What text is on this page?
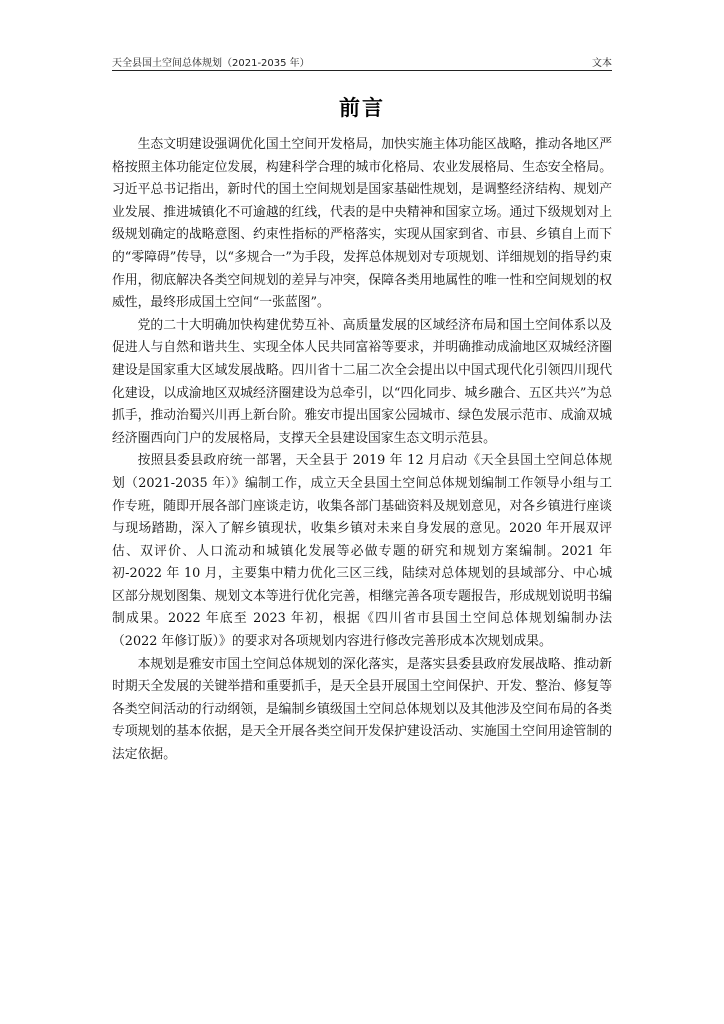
天全县国土空间总体规划（2021-2035 年）	文本
前言

生态文明建设强调优化国土空间开发格局，加快实施主体功能区战略，推动各地区严格按照主体功能定位发展，构建科学合理的城市化格局、农业发展格局、生态安全格局。习近平总书记指出，新时代的国土空间规划是国家基础性规划，是调整经济结构、规划产业发展、推进城镇化不可逾越的红线，代表的是中央精神和国家立场。通过下级规划对上级规划确定的战略意图、约束性指标的严格落实，实现从国家到省、市县、乡镇自上而下的“零障碍”传导，以“多规合一”为手段，发挥总体规划对专项规划、详细规划的指导约束作用，彻底解决各类空间规划的差异与冲突，保障各类用地属性的唯一性和空间规划的权威性，最终形成国土空间“一张蓝图”。

党的二十大明确加快构建优势互补、高质量发展的区域经济布局和国土空间体系以及促进人与自然和谐共生、实现全体人民共同富裕等要求，并明确推动成渝地区双城经济圈建设是国家重大区域发展战略。四川省十二届二次全会提出以中国式现代化引领四川现代化建设，以成渝地区双城经济圈建设为总牵引，以“四化同步、城乡融合、五区共兴”为总抓手，推动治蜀兴川再上新台阶。雅安市提出国家公园城市、绿色发展示范市、成渝双城经济圈西向门户的发展格局，支撑天全县建设国家生态文明示范县。

按照县委县政府统一部署，天全县于 2019 年 12 月启动《天全县国土空间总体规划（2021-2035 年）》编制工作，成立天全县国土空间总体规划编制工作领导小组与工作专班，随即开展各部门座谈走访，收集各部门基础资料及规划意见，对各乡镇进行座谈与现场踏勘，深入了解乡镇现状，收集乡镇对未来自身发展的意见。2020 年开展双评估、双评价、人口流动和城镇化发展等必做专题的研究和规划方案编制。2021 年初-2022 年 10 月，主要集中精力优化三区三线，陆续对总体规划的县域部分、中心城区部分规划图集、规划文本等进行优化完善，相继完善各项专题报告，形成规划说明书编制成果。2022 年底至 2023 年初，根据《四川省市县国土空间总体规划编制办法（2022 年修订版）》的要求对各项规划内容进行修改完善形成本次规划成果。

本规划是雅安市国土空间总体规划的深化落实，是落实县委县政府发展战略、推动新时期天全发展的关键举措和重要抓手，是天全县开展国土空间保护、开发、整治、修复等各类空间活动的行动纲领，是编制乡镇级国土空间总体规划以及其他涉及空间布局的各类专项规划的基本依据，是天全开展各类空间开发保护建设活动、实施国土空间用途管制的法定依据。
